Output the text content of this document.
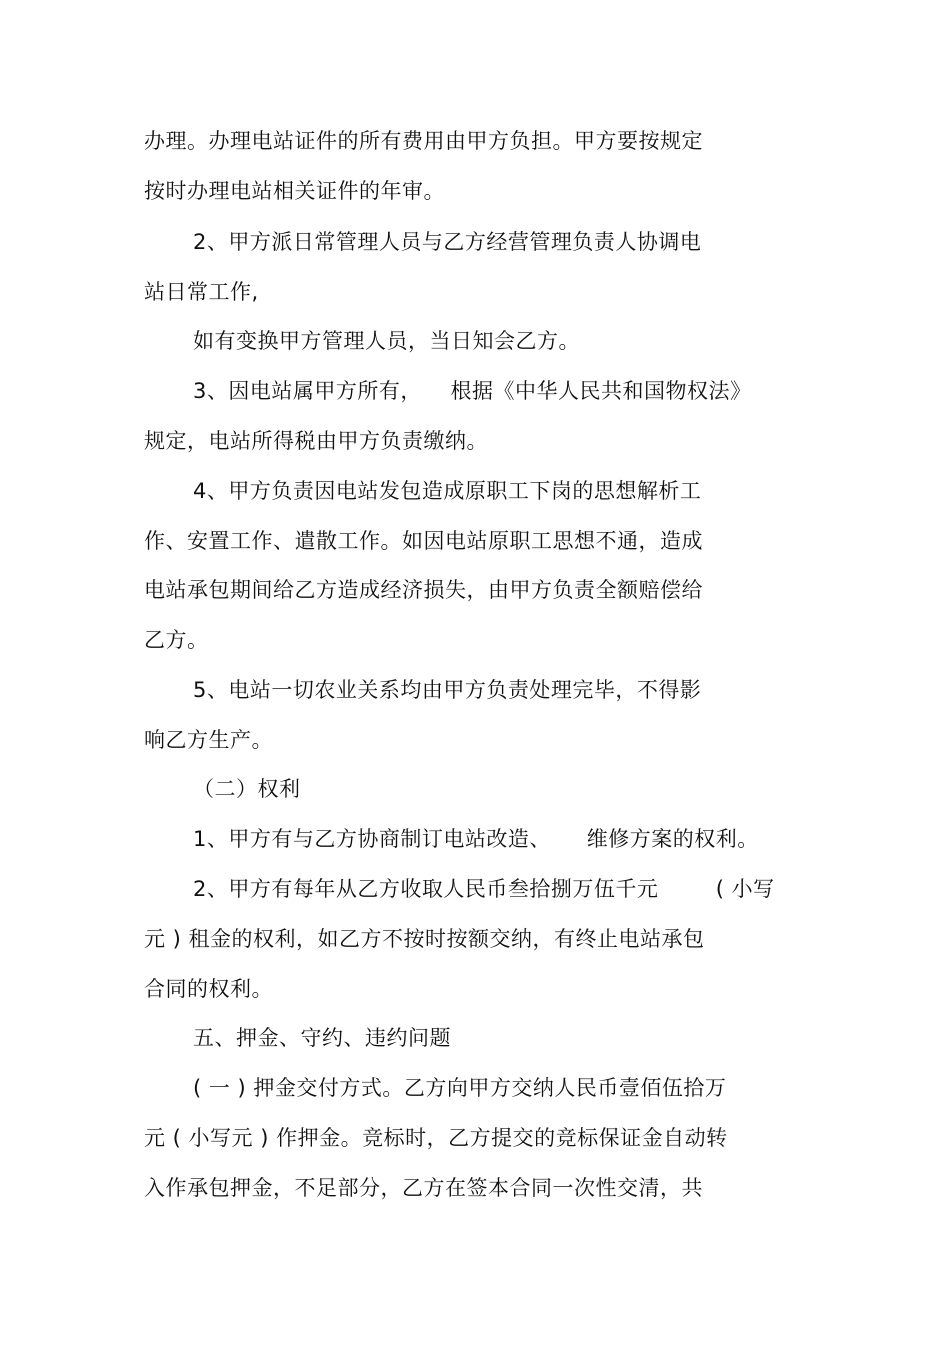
办理。办理电站证件的所有费用由甲方负担。甲方要按规定
按时办理电站相关证件的年审。
2、甲方派日常管理人员与乙方经营管理负责人协调电
站日常工作,
如有变换甲方管理人员，当日知会乙方。
3、因电站属甲方所有，    根据《中华人民共和国物权法》
规定，电站所得税由甲方负责缴纳。
4、甲方负责因电站发包造成原职工下岗的思想解析工
作、安置工作、遣散工作。如因电站原职工思想不通，造成
电站承包期间给乙方造成经济损失，由甲方负责全额赔偿给
乙方。
5、电站一切农业关系均由甲方负责处理完毕，不得影
响乙方生产。
（二）权利
1、甲方有与乙方协商制订电站改造、     维修方案的权利。
2、甲方有每年从乙方收取人民币叁拾捌万伍千元        ( 小写
元 ) 租金的权利，如乙方不按时按额交纳，有终止电站承包
合同的权利。
五、押金、守约、违约问题
( 一 ) 押金交付方式。乙方向甲方交纳人民币壹佰伍拾万
元 ( 小写元 ) 作押金。竞标时，乙方提交的竞标保证金自动转
入作承包押金，不足部分，乙方在签本合同一次性交清，共
